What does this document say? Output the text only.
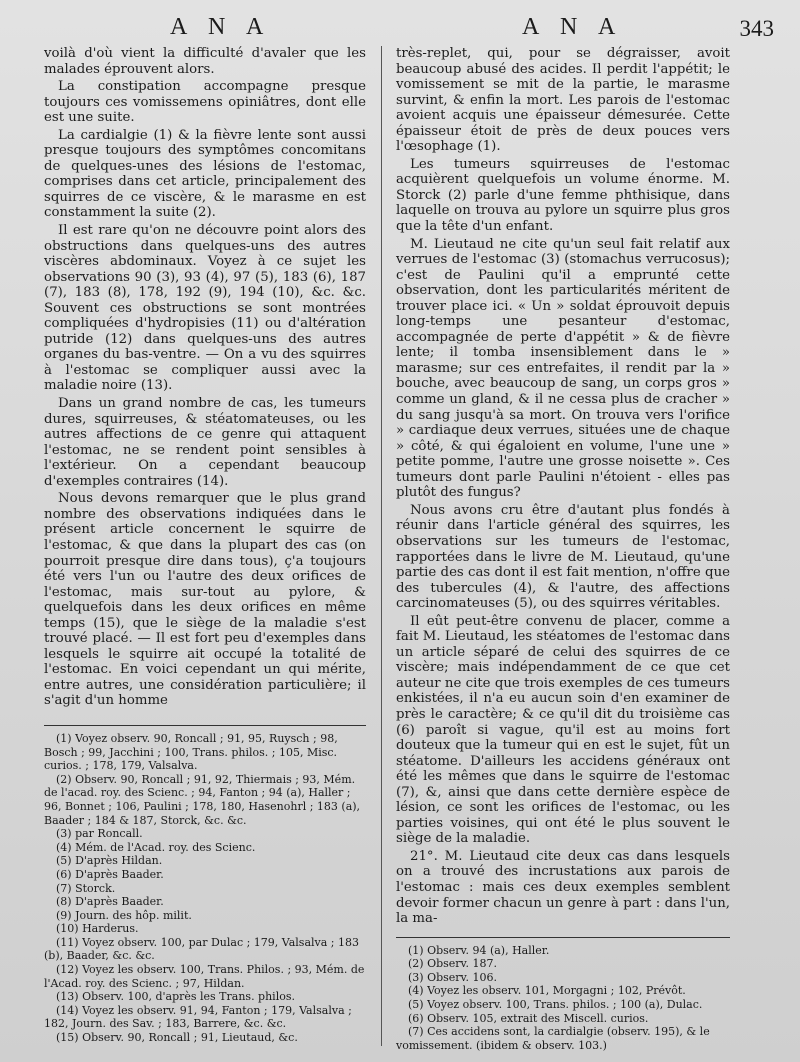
A N A	A N A	343

voilà d'où vient la difficulté d'avaler que les malades éprouvent alors.

La constipation accompagne presque toujours ces vomissemens opiniâtres, dont elle est une suite.

La cardialgie (1) & la fièvre lente sont aussi presque toujours des symptômes concomitans de quelques-unes des lésions de l'estomac, comprises dans cet article, principalement des squirres de ce viscère, & le marasme en est constamment la suite (2).

Il est rare qu'on ne découvre point alors des obstructions dans quelques-uns des autres viscères abdominaux. Voyez à ce sujet les observations 90 (3), 93 (4), 97 (5), 183 (6), 187 (7), 183 (8), 178, 192 (9), 194 (10), &c. &c. Souvent ces obstructions se sont montrées compliquées d'hydropisies (11) ou d'altération putride (12) dans quelques-uns des autres organes du bas-ventre. — On a vu des squirres à l'estomac se compliquer aussi avec la maladie noire (13).

Dans un grand nombre de cas, les tumeurs dures, squirreuses, & stéatomateuses, ou les autres affections de ce genre qui attaquent l'estomac, ne se rendent point sensibles à l'extérieur. On a cependant beaucoup d'exemples contraires (14).

Nous devons remarquer que le plus grand nombre des observations indiquées dans le présent article concernent le squirre de l'estomac, & que dans la plupart des cas (on pourroit presque dire dans tous), ç'a toujours été vers l'un ou l'autre des deux orifices de l'estomac, mais sur-tout au pylore, & quelquefois dans les deux orifices en même temps (15), que le siège de la maladie s'est trouvé placé. — Il est fort peu d'exemples dans lesquels le squirre ait occupé la totalité de l'estomac. En voici cependant un qui mérite, entre autres, une considération particulière; il s'agit d'un homme

(1) Voyez observ. 90, Roncall ; 91, 95, Ruysch ; 98, Bosch ; 99, Jacchini ; 100, Trans. philos. ; 105, Misc. curios. ; 178, 179, Valsalva.

(2) Observ. 90, Roncall ; 91, 92, Thiermais ; 93, Mém. de l'acad. roy. des Scienc. ; 94, Fanton ; 94 (a), Haller ; 96, Bonnet ; 106, Paulini ; 178, 180, Hasenohrl ; 183 (a), Baader ; 184 & 187, Storck, &c. &c.

(3) par Roncall.

(4) Mém. de l'Acad. roy. des Scienc.

(5) D'après Hildan.

(6) D'après Baader.

(7) Storck.

(8) D'après Baader.

(9) Journ. des hôp. milit.

(10) Harderus.

(11) Voyez observ. 100, par Dulac ; 179, Valsalva ; 183 (b), Baader, &c. &c.

(12) Voyez les observ. 100, Trans. Philos. ; 93, Mém. de l'Acad. roy. des Scienc. ; 97, Hildan.

(13) Observ. 100, d'après les Trans. philos.

(14) Voyez les observ. 91, 94, Fanton ; 179, Valsalva ; 182, Journ. des Sav. ; 183, Barrere, &c. &c.

(15) Observ. 90, Roncall ; 91, Lieutaud, &c.

très-replet, qui, pour se dégraisser, avoit beaucoup abusé des acides. Il perdit l'appétit; le vomissement se mit de la partie, le marasme survint, & enfin la mort. Les parois de l'estomac avoient acquis une épaisseur démesurée. Cette épaisseur étoit de près de deux pouces vers l'œsophage (1).

Les tumeurs squirreuses de l'estomac acquièrent quelquefois un volume énorme. M. Storck (2) parle d'une femme phthisique, dans laquelle on trouva au pylore un squirre plus gros que la tête d'un enfant.

M. Lieutaud ne cite qu'un seul fait relatif aux verrues de l'estomac (3) (stomachus verrucosus); c'est de Paulini qu'il a emprunté cette observation, dont les particularités méritent de trouver place ici. « Un » soldat éprouvoit depuis long-temps une pesanteur d'estomac, accompagnée de perte d'appétit » & de fièvre lente; il tomba insensiblement dans le » marasme; sur ces entrefaites, il rendit par la » bouche, avec beaucoup de sang, un corps gros » comme un gland, & il ne cessa plus de cracher » du sang jusqu'à sa mort. On trouva vers l'orifice » cardiaque deux verrues, situées une de chaque » côté, & qui égaloient en volume, l'une une » petite pomme, l'autre une grosse noisette ». Ces tumeurs dont parle Paulini n'étoient - elles pas plutôt des fungus?

Nous avons cru être d'autant plus fondés à réunir dans l'article général des squirres, les observations sur les tumeurs de l'estomac, rapportées dans le livre de M. Lieutaud, qu'une partie des cas dont il est fait mention, n'offre que des tubercules (4), & l'autre, des affections carcinomateuses (5), ou des squirres véritables.

Il eût peut-être convenu de placer, comme a fait M. Lieutaud, les stéatomes de l'estomac dans un article séparé de celui des squirres de ce viscère; mais indépendamment de ce que cet auteur ne cite que trois exemples de ces tumeurs enkistées, il n'a eu aucun soin d'en examiner de près le caractère; & ce qu'il dit du troisième cas (6) paroît si vague, qu'il est au moins fort douteux que la tumeur qui en est le sujet, fût un stéatome. D'ailleurs les accidens généraux ont été les mêmes que dans le squirre de l'estomac (7), &, ainsi que dans cette dernière espèce de lésion, ce sont les orifices de l'estomac, ou les parties voisines, qui ont été le plus souvent le siège de la maladie.

21°. M. Lieutaud cite deux cas dans lesquels on a trouvé des incrustations aux parois de l'estomac : mais ces deux exemples semblent devoir former chacun un genre à part : dans l'un, la ma-

(1) Observ. 94 (a), Haller.

(2) Observ. 187.

(3) Observ. 106.

(4) Voyez les observ. 101, Morgagni ; 102, Prévôt.

(5) Voyez observ. 100, Trans. philos. ; 100 (a), Dulac.

(6) Observ. 105, extrait des Miscell. curios.

(7) Ces accidens sont, la cardialgie (observ. 195), & le vomissement. (ibidem & observ. 103.)
